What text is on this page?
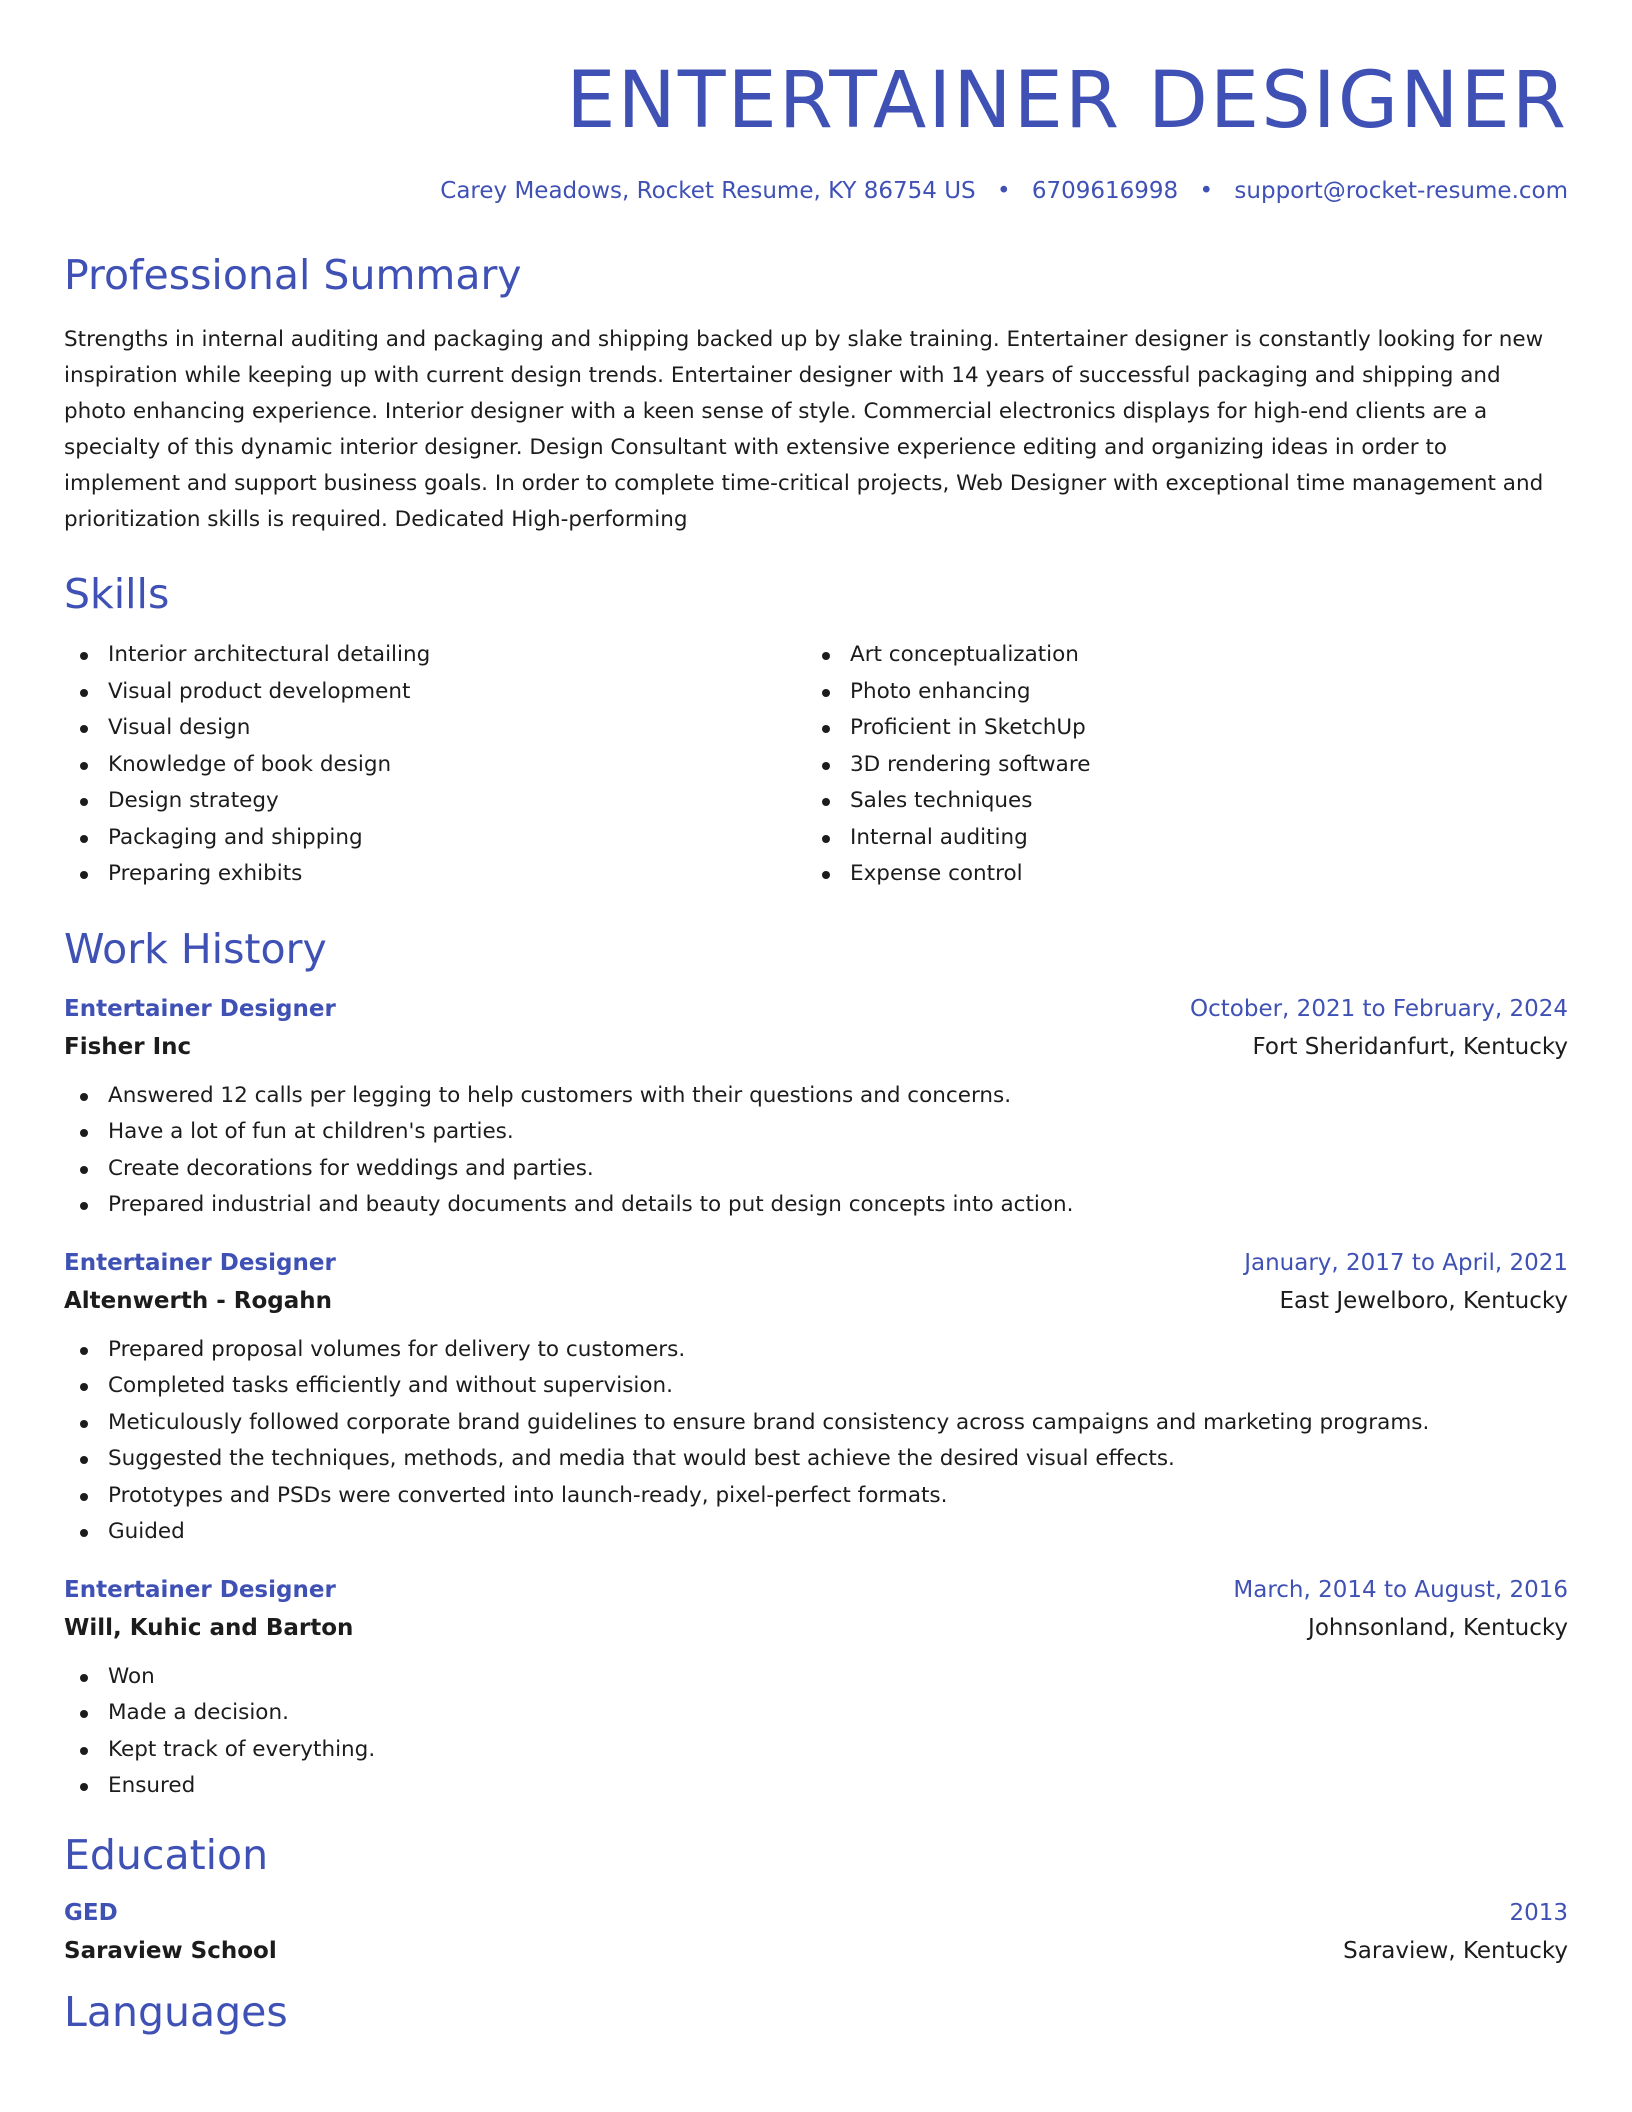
ENTERTAINER DESIGNER
Carey Meadows, Rocket Resume, KY 86754 US • 6709616998 • support@rocket-resume.com
Professional Summary
Strengths in internal auditing and packaging and shipping backed up by slake training. Entertainer designer is constantly looking for new inspiration while keeping up with current design trends. Entertainer designer with 14 years of successful packaging and shipping and photo enhancing experience. Interior designer with a keen sense of style. Commercial electronics displays for high-end clients are a specialty of this dynamic interior designer. Design Consultant with extensive experience editing and organizing ideas in order to implement and support business goals. In order to complete time-critical projects, Web Designer with exceptional time management and prioritization skills is required. Dedicated High-performing
Skills
Interior architectural detailing
Visual product development
Visual design
Knowledge of book design
Design strategy
Packaging and shipping
Preparing exhibits
Art conceptualization
Photo enhancing
Proficient in SketchUp
3D rendering software
Sales techniques
Internal auditing
Expense control
Work History
Entertainer Designer	October, 2021 to February, 2024
Fisher Inc	Fort Sheridanfurt, Kentucky
Answered 12 calls per legging to help customers with their questions and concerns.
Have a lot of fun at children's parties.
Create decorations for weddings and parties.
Prepared industrial and beauty documents and details to put design concepts into action.
Entertainer Designer	January, 2017 to April, 2021
Altenwerth - Rogahn	East Jewelboro, Kentucky
Prepared proposal volumes for delivery to customers.
Completed tasks efficiently and without supervision.
Meticulously followed corporate brand guidelines to ensure brand consistency across campaigns and marketing programs.
Suggested the techniques, methods, and media that would best achieve the desired visual effects.
Prototypes and PSDs were converted into launch-ready, pixel-perfect formats.
Guided
Entertainer Designer	March, 2014 to August, 2016
Will, Kuhic and Barton	Johnsonland, Kentucky
Won
Made a decision.
Kept track of everything.
Ensured
Education
GED	2013
Saraview School	Saraview, Kentucky
Languages
